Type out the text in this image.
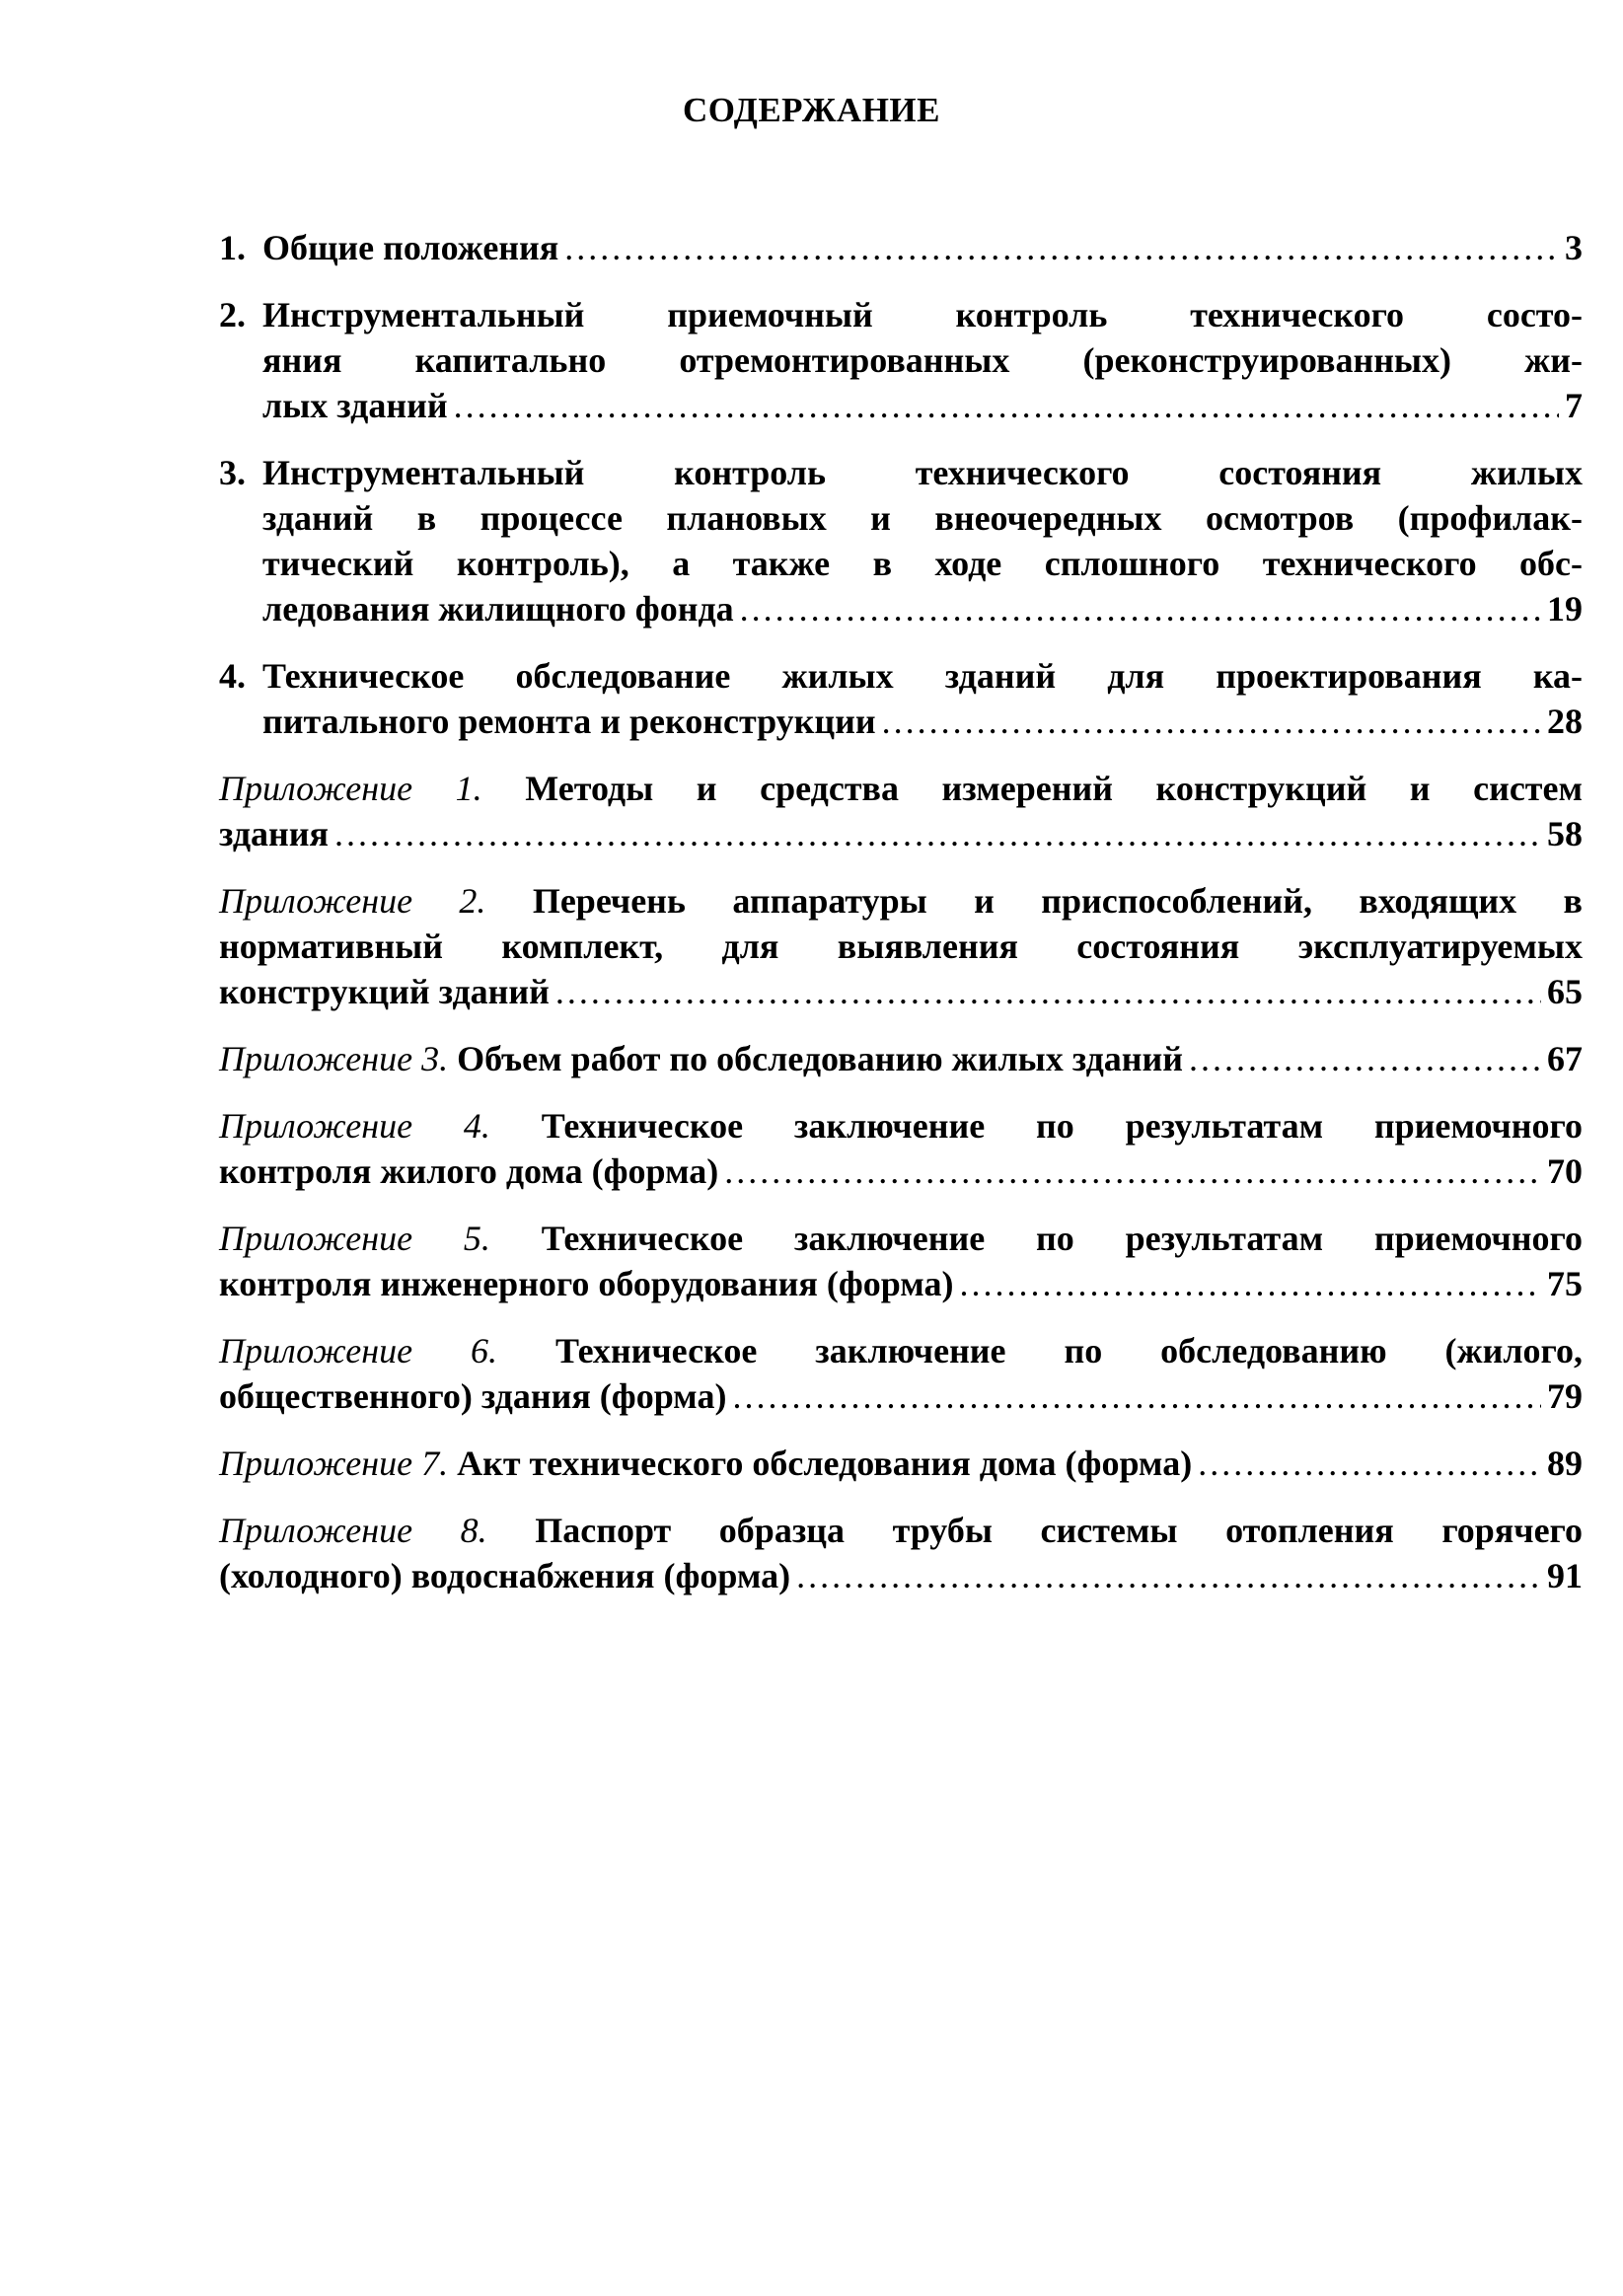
СОДЕРЖАНИЕ
1. Общие положения .....	3
2. Инструментальный приемочный контроль технического состо-
яния капитально отремонтированных (реконструированных) жи-
лых зданий .....	7
3. Инструментальный контроль технического состояния жилых
зданий в процессе плановых и внеочередных осмотров (профилак-
тический контроль), а также в ходе сплошного технического обс-
ледования жилищного фонда .....	19
4. Техническое обследование жилых зданий для проектирования ка-
питального ремонта и реконструкции .....	28
Приложение 1. Методы и средства измерений конструкций и систем
здания .....	58
Приложение 2. Перечень аппаратуры и приспособлений, входящих в
нормативный комплект, для выявления состояния эксплуатируемых
конструкций зданий .....	65
Приложение 3. Объем работ по обследованию жилых зданий .....	67
Приложение 4. Техническое заключение по результатам приемочного
контроля жилого дома (форма) .....	70
Приложение 5. Техническое заключение по результатам приемочного
контроля инженерного оборудования (форма) .....	75
Приложение 6. Техническое заключение по обследованию (жилого,
общественного) здания (форма) .....	79
Приложение 7. Акт технического обследования дома (форма) .....	89
Приложение 8. Паспорт образца трубы системы отопления горячего
(холодного) водоснабжения (форма) .....	91
